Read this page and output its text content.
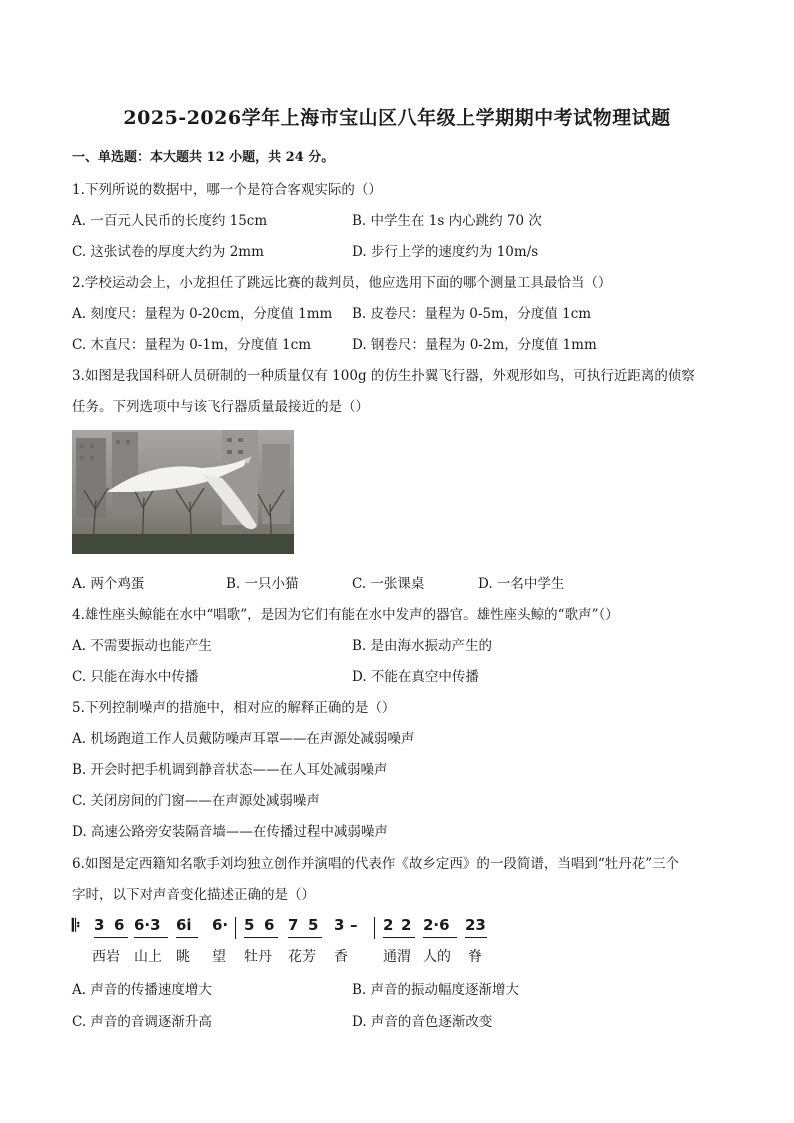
2025-2026学年上海市宝山区八年级上学期期中考试物理试题
一、单选题：本大题共 12 小题，共 24 分。
1.下列所说的数据中，哪一个是符合客观实际的（）
A. 一百元人民币的长度约 15cm	B. 中学生在 1s 内心跳约 70 次
C. 这张试卷的厚度大约为 2mm	D. 步行上学的速度约为 10m/s
2.学校运动会上，小龙担任了跳远比赛的裁判员，他应选用下面的哪个测量工具最恰当（）
A. 刻度尺：量程为 0-20cm，分度值 1mm B. 皮卷尺：量程为 0-5m，分度值 1cm
C. 木直尺：量程为 0-1m，分度值 1cm	D. 钢卷尺：量程为 0-2m，分度值 1mm
3.如图是我国科研人员研制的一种质量仅有 100g 的仿生扑翼飞行器，外观形如鸟，可执行近距离的侦察
任务。下列选项中与该飞行器质量最接近的是（）
A. 两个鸡蛋	B. 一只小猫	C. 一张课桌	D. 一名中学生
4.雄性座头鲸能在水中“唱歌”，是因为它们有能在水中发声的器官。雄性座头鲸的“歌声”（）
A. 不需要振动也能产生	B. 是由海水振动产生的
C. 只能在海水中传播	D. 不能在真空中传播
5.下列控制噪声的措施中，相对应的解释正确的是（）
A. 机场跑道工作人员戴防噪声耳罩——在声源处减弱噪声
B. 开会时把手机调到静音状态——在人耳处减弱噪声
C. 关闭房间的门窗——在声源处减弱噪声
D. 高速公路旁安装隔音墙——在传播过程中减弱噪声
6.如图是定西籍知名歌手刘均独立创作并演唱的代表作《故乡定西》的一段简谱，当唱到“牡丹花”三个
字时，以下对声音变化描述正确的是（）
𝄆 3 6 6·3 6i 6· 5 6 7 5 3 – 2 2 2·6 23
西岩 山上 眺 望 牡丹 花芳 香	通渭 人的 脊
A. 声音的传播速度增大	B. 声音的振动幅度逐渐增大
C. 声音的音调逐渐升高	D. 声音的音色逐渐改变
